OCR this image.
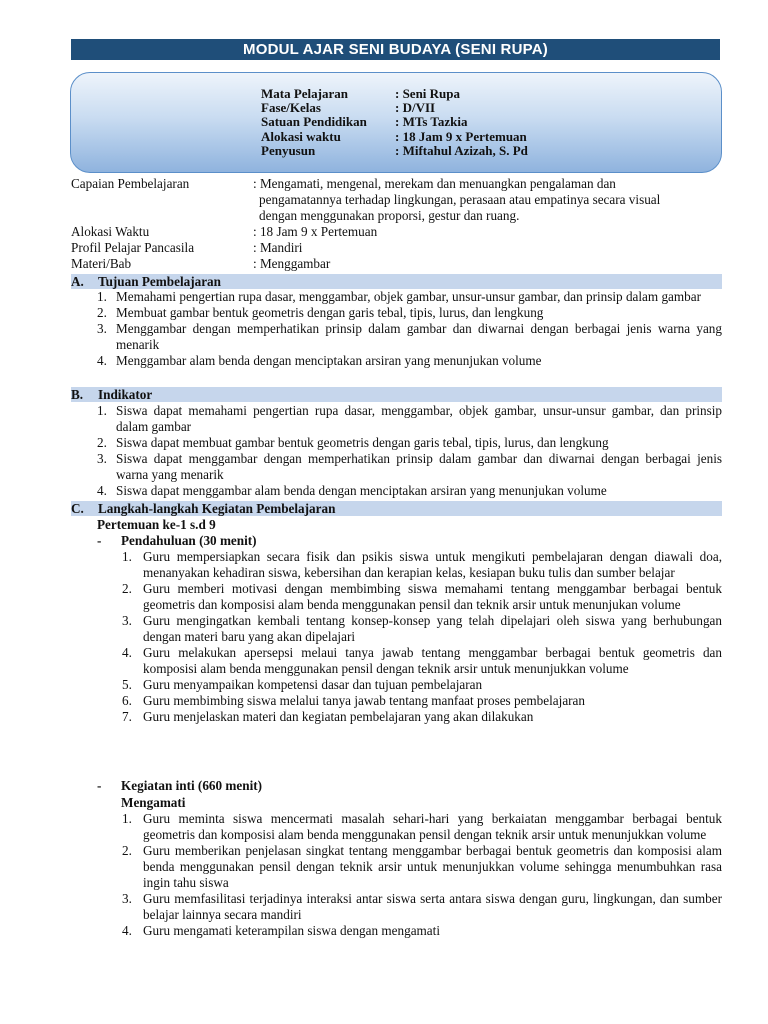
MODUL AJAR SENI BUDAYA (SENI RUPA)
Mata Pelajaran	: Seni Rupa
Fase/Kelas	: D/VII
Satuan Pendidikan	: MTs Tazkia
Alokasi waktu	: 18 Jam 9 x Pertemuan
Penyusun	: Miftahul Azizah, S. Pd
Capaian Pembelajaran	: Mengamati, mengenal, merekam dan menuangkan pengalaman dan
pengamatannya terhadap lingkungan, perasaan atau empatinya secara visual
dengan menggunakan proporsi, gestur dan ruang.
Alokasi Waktu	: 18 Jam 9 x Pertemuan
Profil Pelajar Pancasila	: Mandiri
Materi/Bab	: Menggambar
A.	Tujuan Pembelajaran
1. Memahami pengertian rupa dasar, menggambar, objek gambar, unsur-unsur gambar, dan prinsip dalam gambar
2. Membuat gambar bentuk geometris dengan garis tebal, tipis, lurus, dan lengkung
3. Menggambar dengan memperhatikan prinsip dalam gambar dan diwarnai dengan berbagai jenis warna yang menarik
4. Menggambar alam benda dengan menciptakan arsiran yang menunjukan volume
B.	Indikator
1. Siswa dapat memahami pengertian rupa dasar, menggambar, objek gambar, unsur-unsur gambar, dan prinsip dalam gambar
2. Siswa dapat membuat gambar bentuk geometris dengan garis tebal, tipis, lurus, dan lengkung
3. Siswa dapat menggambar dengan memperhatikan prinsip dalam gambar dan diwarnai dengan berbagai jenis warna yang menarik
4. Siswa dapat menggambar alam benda dengan menciptakan arsiran yang menunjukan volume
C.	Langkah-langkah Kegiatan Pembelajaran
Pertemuan ke-1 s.d 9
-	Pendahuluan (30 menit)
1. Guru mempersiapkan secara fisik dan psikis siswa untuk mengikuti pembelajaran dengan diawali doa, menanyakan kehadiran siswa, kebersihan dan kerapian kelas, kesiapan buku tulis dan sumber belajar
2. Guru memberi motivasi dengan membimbing siswa memahami tentang menggambar berbagai bentuk geometris dan komposisi alam benda menggunakan pensil dan teknik arsir untuk menunjukan volume
3. Guru mengingatkan kembali tentang konsep-konsep yang telah dipelajari oleh siswa yang berhubungan dengan materi baru yang akan dipelajari
4. Guru melakukan apersepsi melaui tanya jawab tentang menggambar berbagai bentuk geometris dan komposisi alam benda menggunakan pensil dengan teknik arsir untuk menunjukkan volume
5. Guru menyampaikan kompetensi dasar dan tujuan pembelajaran
6. Guru membimbing siswa melalui tanya jawab tentang manfaat proses pembelajaran
7. Guru menjelaskan materi dan kegiatan pembelajaran yang akan dilakukan
-	Kegiatan inti (660 menit)
Mengamati
1. Guru meminta siswa mencermati masalah sehari-hari yang berkaiatan menggambar berbagai bentuk geometris dan komposisi alam benda menggunakan pensil dengan teknik arsir untuk menunjukkan volume
2. Guru memberikan penjelasan singkat tentang menggambar berbagai bentuk geometris dan komposisi alam benda menggunakan pensil dengan teknik arsir untuk menunjukkan volume sehingga menumbuhkan rasa ingin tahu siswa
3. Guru memfasilitasi terjadinya interaksi antar siswa serta antara siswa dengan guru, lingkungan, dan sumber belajar lainnya secara mandiri
4. Guru mengamati keterampilan siswa dengan mengamati
